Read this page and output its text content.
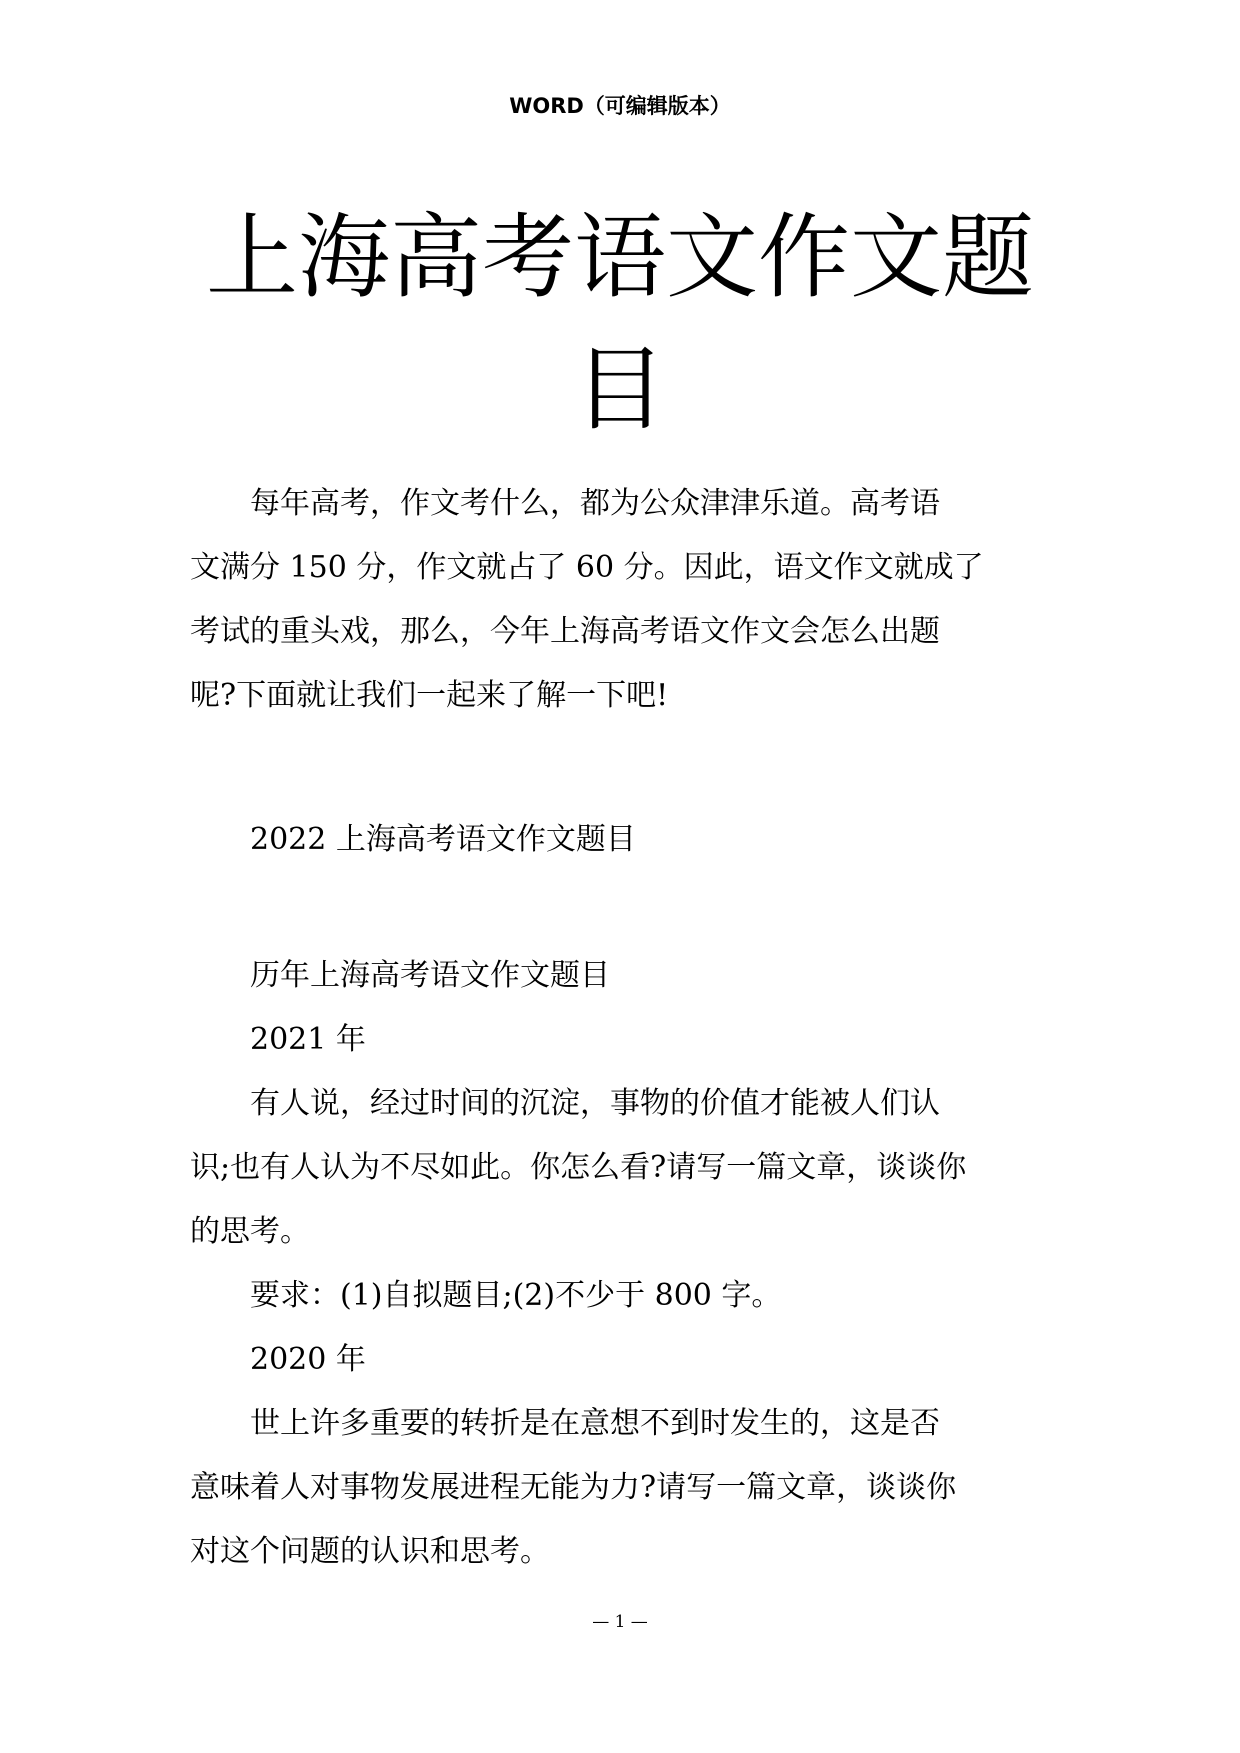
WORD（可编辑版本）
上海高考语文作文题
目

　　每年高考，作文考什么，都为公众津津乐道。高考语

文满分 150 分，作文就占了 60 分。因此，语文作文就成了

考试的重头戏，那么，今年上海高考语文作文会怎么出题

呢?下面就让我们一起来了解一下吧!

　　2022 上海高考语文作文题目

　　历年上海高考语文作文题目

　　2021 年

　　有人说，经过时间的沉淀，事物的价值才能被人们认

识;也有人认为不尽如此。你怎么看?请写一篇文章，谈谈你

的思考。

　　要求：(1)自拟题目;(2)不少于 800 字。

　　2020 年

　　世上许多重要的转折是在意想不到时发生的，这是否

意味着人对事物发展进程无能为力?请写一篇文章，谈谈你

对这个问题的认识和思考。

— 1 —
